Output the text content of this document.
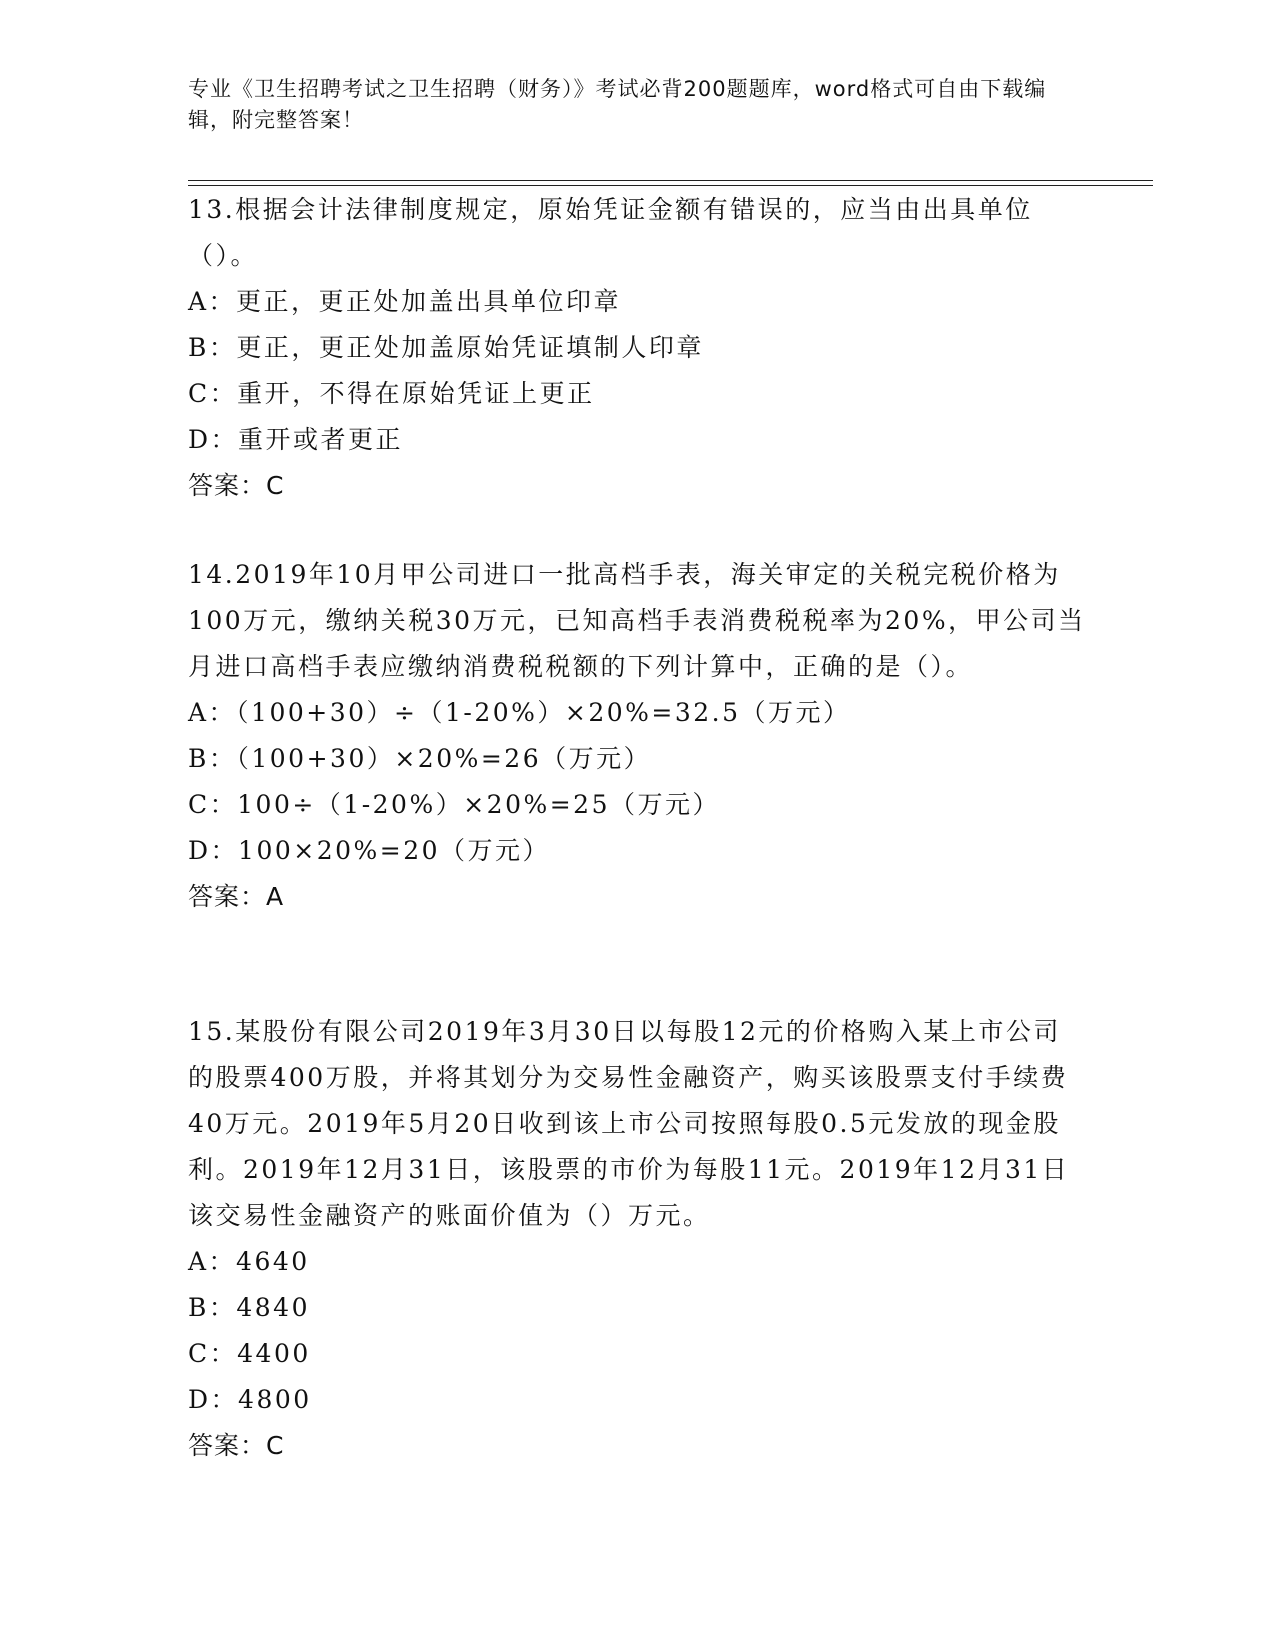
专业《卫生招聘考试之卫生招聘（财务）》考试必背200题题库，word格式可自由下载编辑，附完整答案！

13.根据会计法律制度规定，原始凭证金额有错误的，应当由出具单位（）。

A：更正，更正处加盖出具单位印章

B：更正，更正处加盖原始凭证填制人印章

C：重开，不得在原始凭证上更正

D：重开或者更正

答案：C

14.2019年10月甲公司进口一批高档手表，海关审定的关税完税价格为100万元，缴纳关税30万元，已知高档手表消费税税率为20%，甲公司当月进口高档手表应缴纳消费税税额的下列计算中，正确的是（）。

A：（100+30）÷（1-20%）×20%=32.5（万元）

B：（100+30）×20%=26（万元）

C：100÷（1-20%）×20%=25（万元）

D：100×20%=20（万元）

答案：A

15.某股份有限公司2019年3月30日以每股12元的价格购入某上市公司的股票400万股，并将其划分为交易性金融资产，购买该股票支付手续费40万元。2019年5月20日收到该上市公司按照每股0.5元发放的现金股利。2019年12月31日，该股票的市价为每股11元。2019年12月31日该交易性金融资产的账面价值为（）万元。

A：4640

B：4840

C：4400

D：4800

答案：C
